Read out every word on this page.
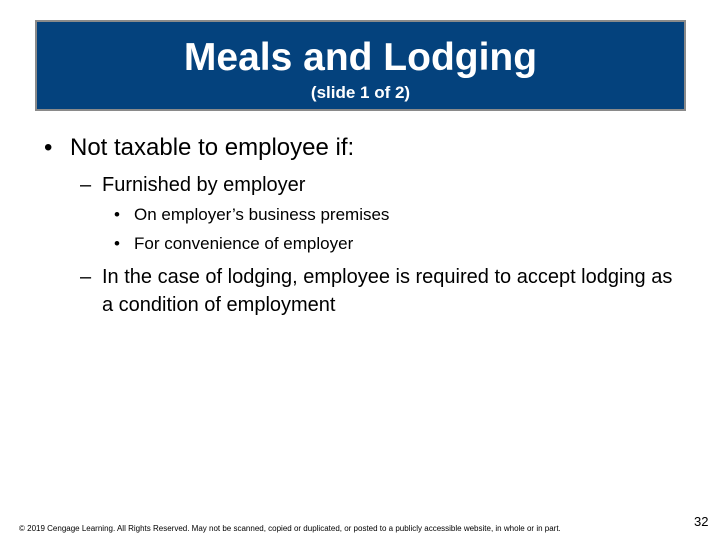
Meals and Lodging
(slide 1 of 2)
• Not taxable to employee if:
– Furnished by employer
• On employer’s business premises
• For convenience of employer
– In the case of lodging, employee is required to accept lodging as a condition of employment
© 2019 Cengage Learning. All Rights Reserved. May not be scanned, copied or duplicated, or posted to a publicly accessible website, in whole or in part.	32
